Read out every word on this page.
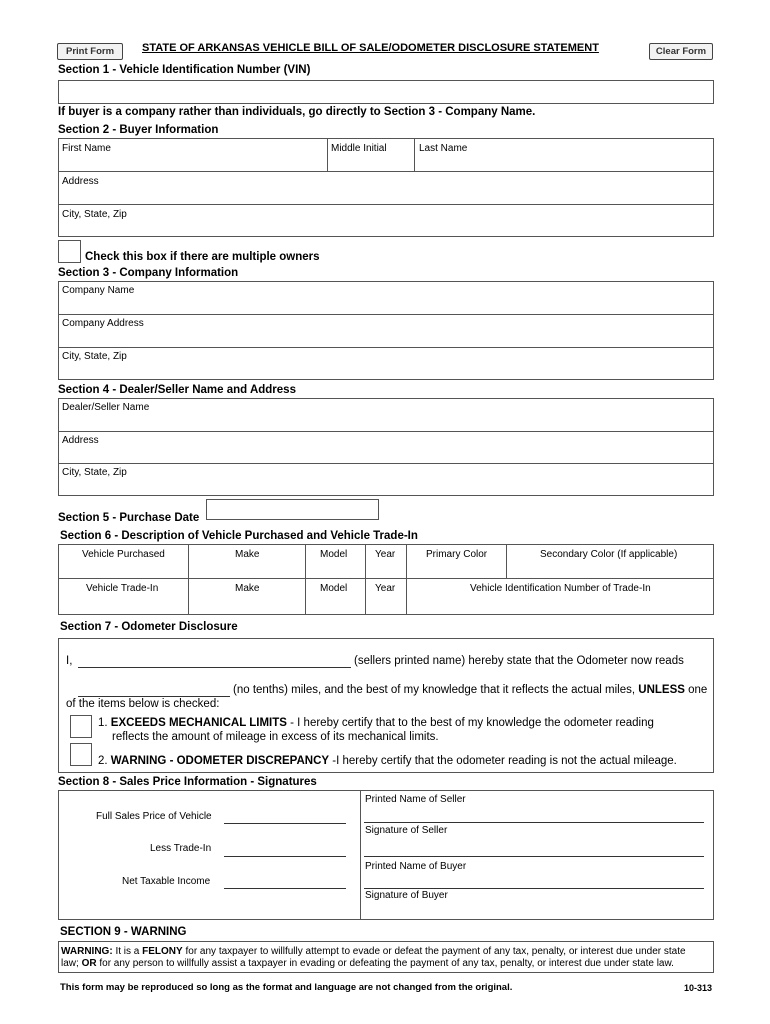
Print Form	STATE OF ARKANSAS VEHICLE BILL OF SALE/ODOMETER DISCLOSURE STATEMENT	Clear Form
Section 1 - Vehicle Identification Number (VIN)
If buyer is a company rather than individuals, go directly to Section 3 - Company Name.
Section 2 - Buyer Information
First Name	Middle Initial	Last Name
Address
City, State, Zip
Check this box if there are multiple owners
Section 3 - Company Information
Company Name
Company Address
City, State, Zip
Section 4 - Dealer/Seller Name and Address
Dealer/Seller Name
Address
City, State, Zip
Section 5 - Purchase Date
Section 6 - Description of Vehicle Purchased and Vehicle Trade-In
Vehicle Purchased	Make	Model	Year	Primary Color	Secondary Color (If applicable)
Vehicle Trade-In	Make	Model	Year	Vehicle Identification Number of Trade-In
Section 7 - Odometer Disclosure
I,	(sellers printed name) hereby state that the Odometer now reads
(no tenths) miles, and the best of my knowledge that it reflects the actual miles, UNLESS one
of the items below is checked:
1. EXCEEDS MECHANICAL LIMITS - I hereby certify that to the best of my knowledge the odometer reading
reflects the amount of mileage in excess of its mechanical limits.
2. WARNING - ODOMETER DISCREPANCY -I hereby certify that the odometer reading is not the actual mileage.
Section 8 - Sales Price Information - Signatures
Full Sales Price of Vehicle
Less Trade-In
Net Taxable Income
Printed Name of Seller
Signature of Seller
Printed Name of Buyer
Signature of Buyer
SECTION 9 - WARNING
WARNING: It is a FELONY for any taxpayer to willfully attempt to evade or defeat the payment of any tax, penalty, or interest due under state
law; OR for any person to willfully assist a taxpayer in evading or defeating the payment of any tax, penalty, or interest due under state law.
This form may be reproduced so long as the format and language are not changed from the original.	10-313
